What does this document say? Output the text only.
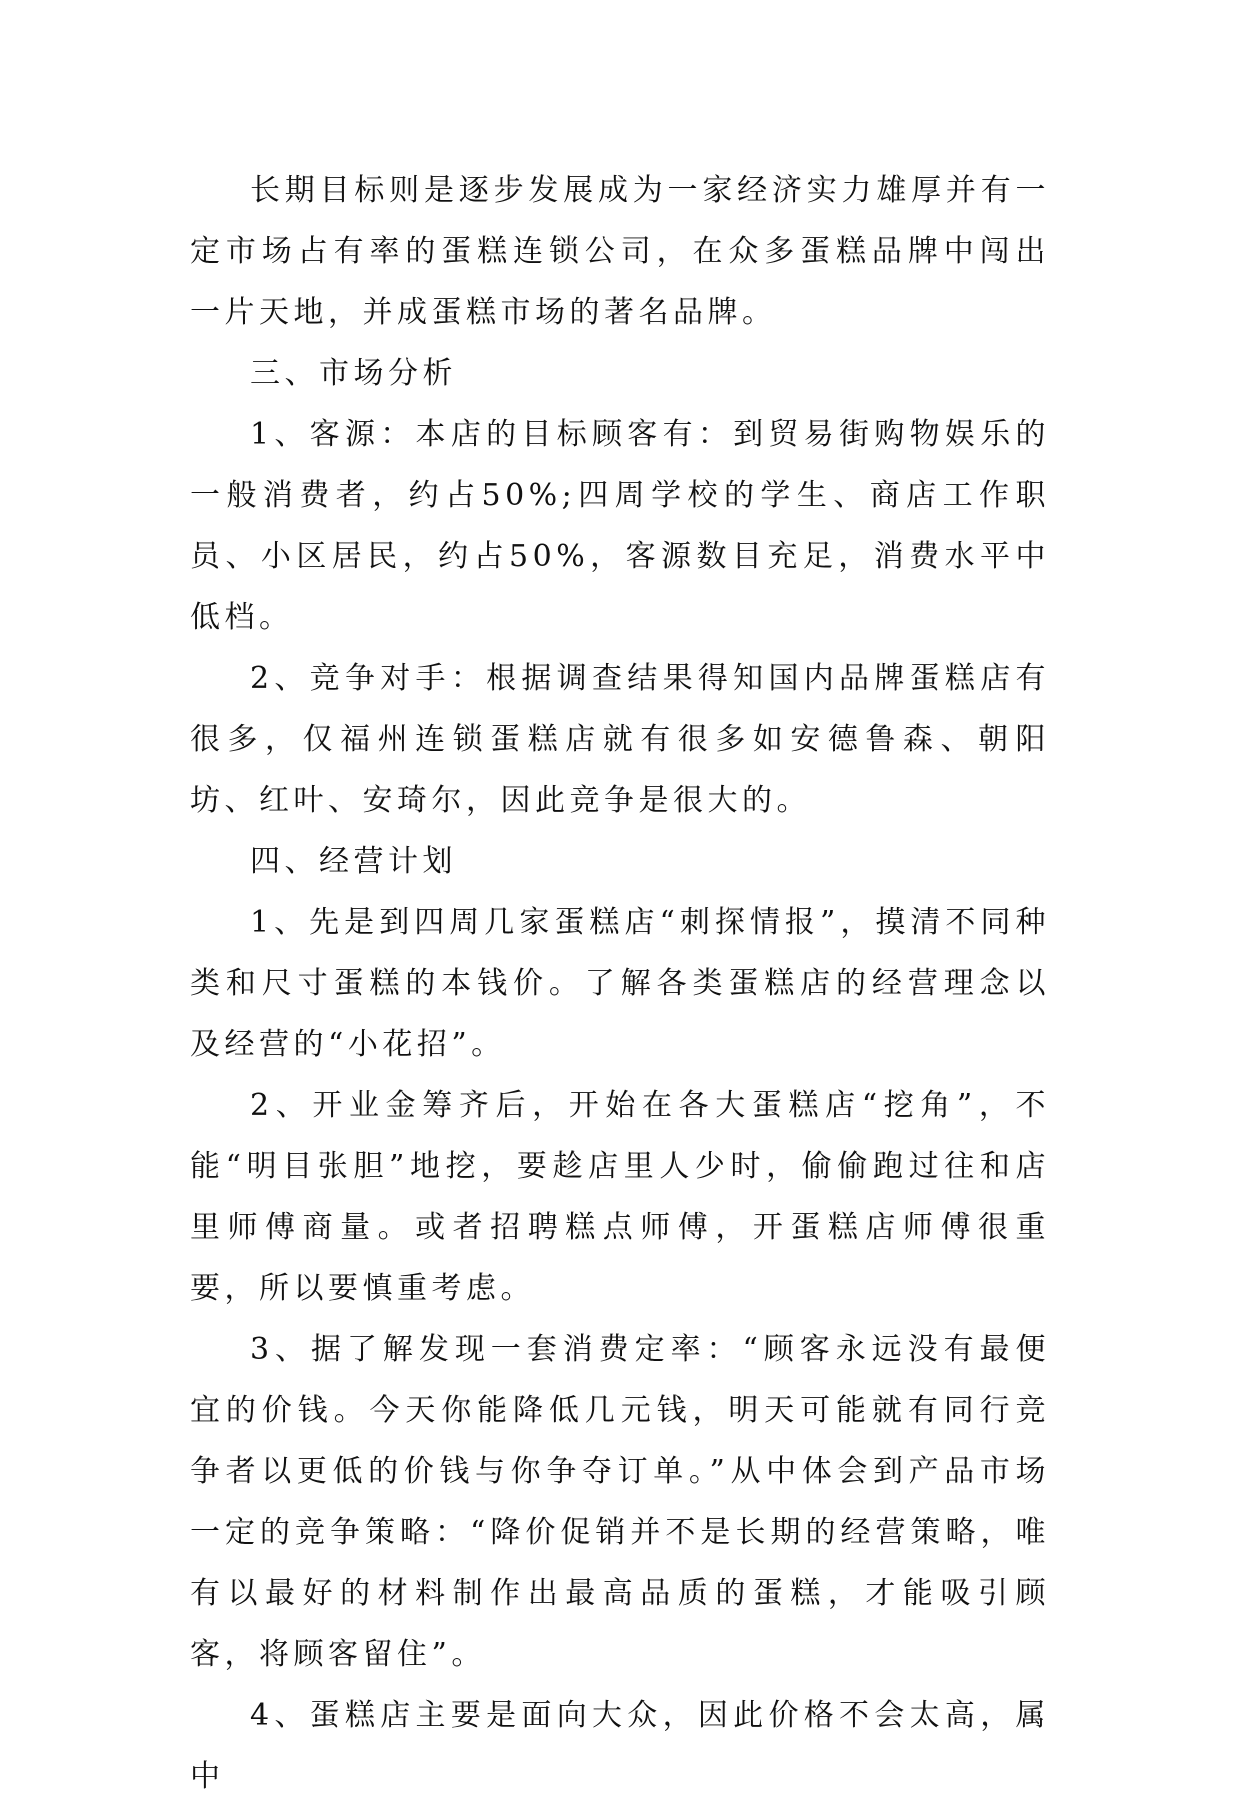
长期目标则是逐步发展成为一家经济实力雄厚并有一定市场占有率的蛋糕连锁公司，在众多蛋糕品牌中闯出一片天地，并成蛋糕市场的著名品牌。

三、市场分析

1、客源：本店的目标顾客有：到贸易街购物娱乐的一般消费者，约占50%;四周学校的学生、商店工作职员、小区居民，约占50%，客源数目充足，消费水平中低档。

2、竞争对手：根据调查结果得知国内品牌蛋糕店有很多，仅福州连锁蛋糕店就有很多如安德鲁森、朝阳坊、红叶、安琦尔，因此竞争是很大的。

四、经营计划

1、先是到四周几家蛋糕店“刺探情报”，摸清不同种类和尺寸蛋糕的本钱价。了解各类蛋糕店的经营理念以及经营的“小花招”。

2、开业金筹齐后，开始在各大蛋糕店“挖角”，不能“明目张胆”地挖，要趁店里人少时，偷偷跑过往和店里师傅商量。或者招聘糕点师傅，开蛋糕店师傅很重要，所以要慎重考虑。

3、据了解发现一套消费定率：“顾客永远没有最便宜的价钱。今天你能降低几元钱，明天可能就有同行竞争者以更低的价钱与你争夺订单。”从中体会到产品市场一定的竞争策略：“降价促销并不是长期的经营策略，唯有以最好的材料制作出最高品质的蛋糕，才能吸引顾客，将顾客留住”。

4、蛋糕店主要是面向大众，因此价格不会太高，属中
